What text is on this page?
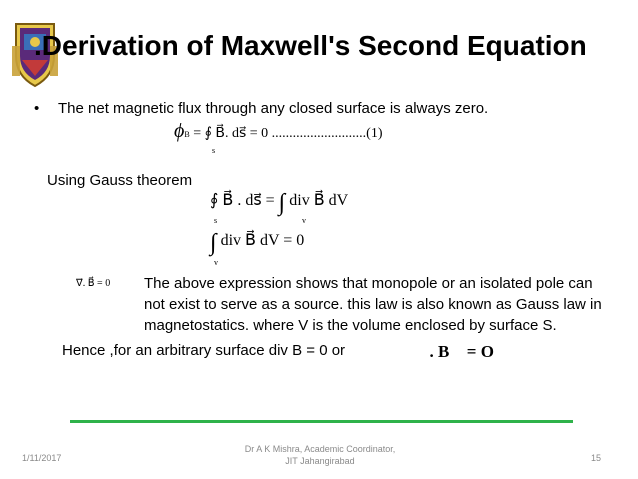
.Derivation of Maxwell's Second Equation
• The net magnetic flux through any closed surface is always zero.
ϕB = ∮ B⃗. ds⃗ = 0 ...........................(1)
s
Using Gauss theorem
∮ B⃗ . ds⃗ = ∫ div B⃗ dV
s	v
∫ div B⃗ dV = 0
v
∇⃗. B⃗ = 0	The above expression shows that monopole or an isolated pole can not exist to serve as a source. this law is also known as Gauss law in magnetostatics. where V is the volume enclosed by surface S.
Hence ,for an arbitrary surface div B = 0 or	∇⃗. B⃗ = O
1/11/2017
Dr A K Mishra, Academic Coordinator,
JIT Jahangirabad	15
